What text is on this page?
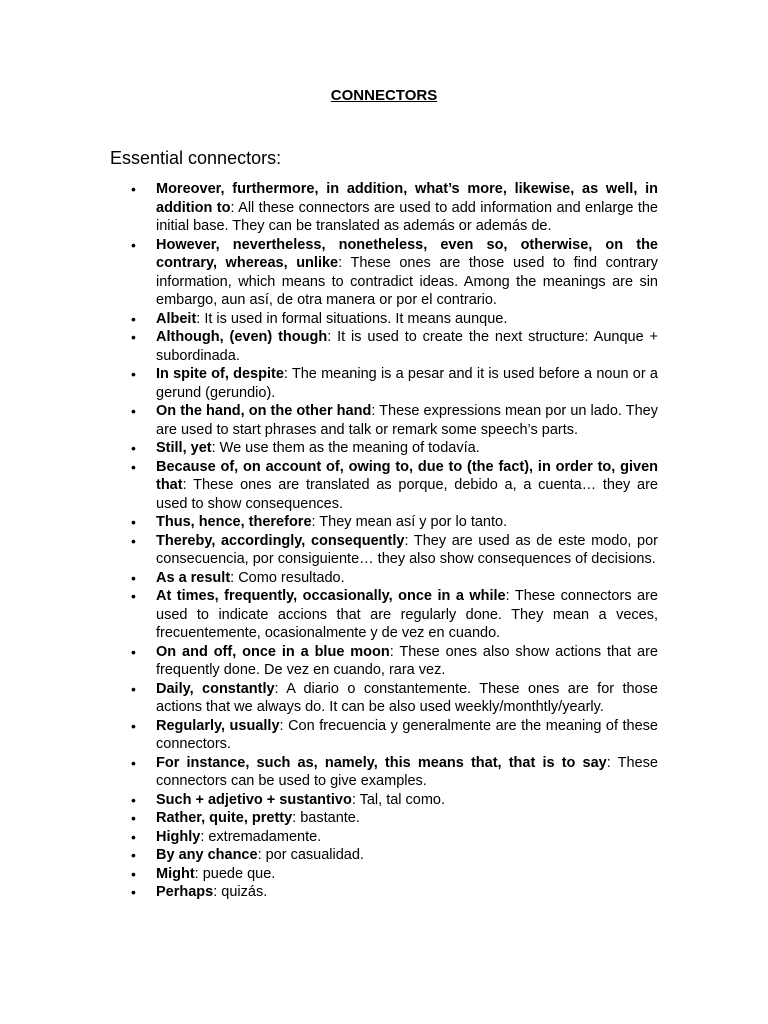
CONNECTORS
Essential connectors:
• Moreover, furthermore, in addition, what’s more, likewise, as well, in addition to: All these connectors are used to add information and enlarge the initial base. They can be translated as además or además de.
• However, nevertheless, nonetheless, even so, otherwise, on the contrary, whereas, unlike: These ones are those used to find contrary information, which means to contradict ideas. Among the meanings are sin embargo, aun así, de otra manera or por el contrario.
• Albeit: It is used in formal situations. It means aunque.
• Although, (even) though: It is used to create the next structure: Aunque + subordinada.
• In spite of, despite: The meaning is a pesar and it is used before a noun or a gerund (gerundio).
• On the hand, on the other hand: These expressions mean por un lado. They are used to start phrases and talk or remark some speech’s parts.
• Still, yet: We use them as the meaning of todavía.
• Because of, on account of, owing to, due to (the fact), in order to, given that: These ones are translated as porque, debido a, a cuenta… they are used to show consequences.
• Thus, hence, therefore: They mean así y por lo tanto.
• Thereby, accordingly, consequently: They are used as de este modo, por consecuencia, por consiguiente… they also show consequences of decisions.
• As a result: Como resultado.
• At times, frequently, occasionally, once in a while: These connectors are used to indicate accions that are regularly done. They mean a veces, frecuentemente, ocasionalmente y de vez en cuando.
• On and off, once in a blue moon: These ones also show actions that are frequently done. De vez en cuando, rara vez.
• Daily, constantly: A diario o constantemente. These ones are for those actions that we always do. It can be also used weekly/monthtly/yearly.
• Regularly, usually: Con frecuencia y generalmente are the meaning of these connectors.
• For instance, such as, namely, this means that, that is to say: These connectors can be used to give examples.
• Such + adjetivo + sustantivo: Tal, tal como.
• Rather, quite, pretty: bastante.
• Highly: extremadamente.
• By any chance: por casualidad.
• Might: puede que.
• Perhaps: quizás.
